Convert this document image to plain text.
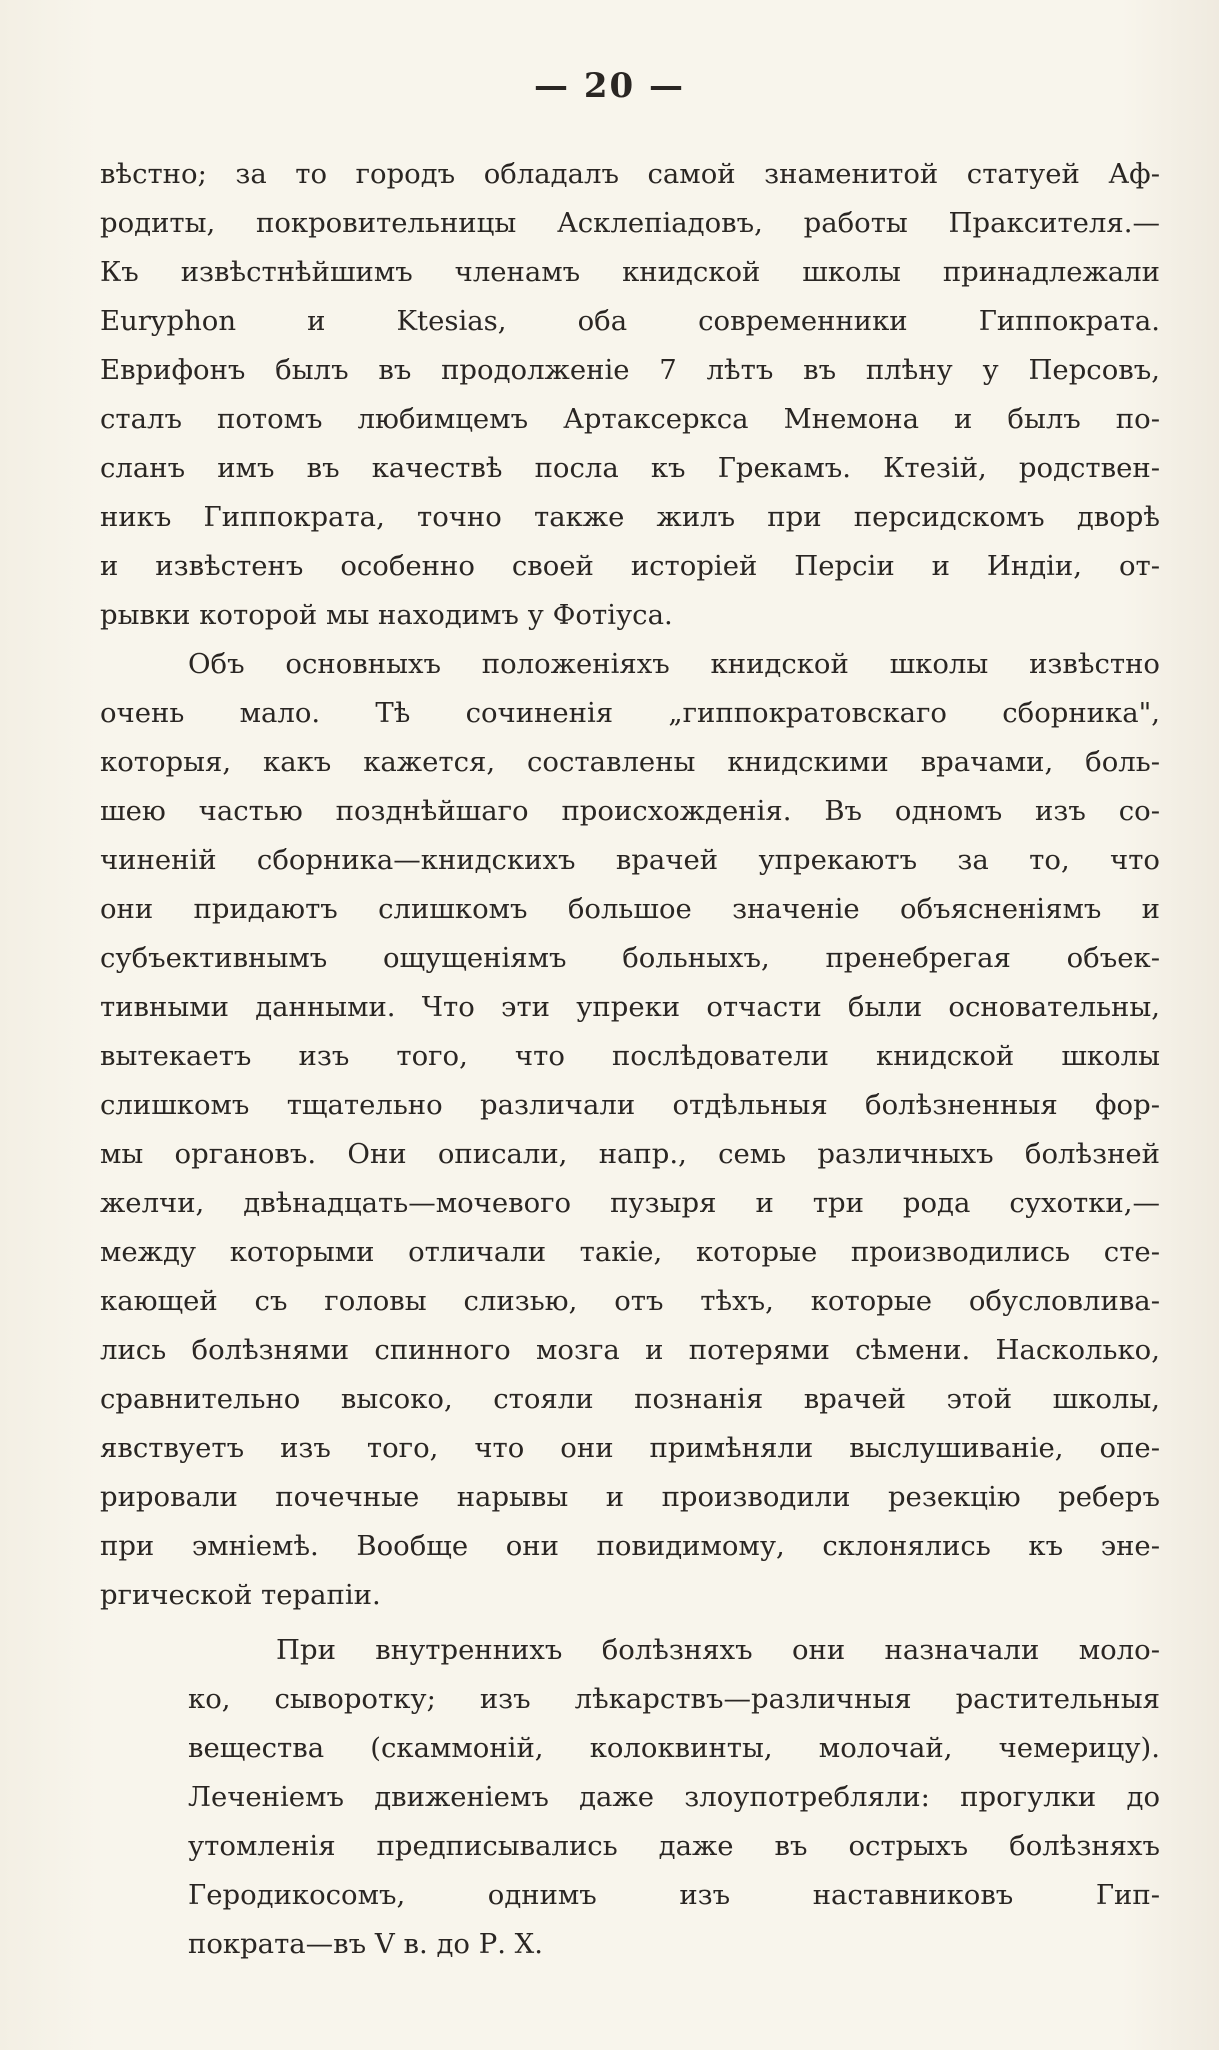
— 20 —
вѣстно; за то городъ обладалъ самой знаменитой статуей Аф-
родиты, покровительницы Асклепіадовъ, работы Праксителя.—
Къ извѣстнѣйшимъ членамъ книдской школы принадлежали
Euryphon и Ktesias, оба современники Гиппократа.
Еврифонъ былъ въ продолженіе 7 лѣтъ въ плѣну у Персовъ,
сталъ потомъ любимцемъ Артаксеркса Мнемона и былъ по-
сланъ имъ въ качествѣ посла къ Грекамъ. Ктезій, родствен-
никъ Гиппократа, точно также жилъ при персидскомъ дворѣ
и извѣстенъ особенно своей исторіей Персіи и Индіи, от-
рывки которой мы находимъ у Фотіуса.
Объ основныхъ положеніяхъ книдской школы извѣстно
очень мало. Тѣ сочиненія „гиппократовскаго сборника",
которыя, какъ кажется, составлены книдскими врачами, боль-
шею частью позднѣйшаго происхожденія. Въ одномъ изъ со-
чиненій сборника—книдскихъ врачей упрекаютъ за то, что
они придаютъ слишкомъ большое значеніе объясненіямъ и
субъективнымъ ощущеніямъ больныхъ, пренебрегая объек-
тивными данными. Что эти упреки отчасти были основательны,
вытекаетъ изъ того, что послѣдователи книдской школы
слишкомъ тщательно различали отдѣльныя болѣзненныя фор-
мы органовъ. Они описали, напр., семь различныхъ болѣзней
желчи, двѣнадцать—мочевого пузыря и три рода сухотки,—
между которыми отличали такіе, которые производились сте-
кающей съ головы слизью, отъ тѣхъ, которые обусловлива-
лись болѣзнями спинного мозга и потерями сѣмени. Насколько,
сравнительно высоко, стояли познанія врачей этой школы,
явствуетъ изъ того, что они примѣняли выслушиваніе, опе-
рировали почечные нарывы и производили резекцію реберъ
при эмніемѣ. Вообще они повидимому, склонялись къ эне-
ргической терапіи.
При внутреннихъ болѣзняхъ они назначали моло-
ко, сыворотку; изъ лѣкарствъ—различныя растительныя
вещества (скаммоній, колоквинты, молочай, чемерицу).
Леченіемъ движеніемъ даже злоупотребляли: прогулки до
утомленія предписывались даже въ острыхъ болѣзняхъ
Геродикосомъ, однимъ изъ наставниковъ Гип-
пократа—въ V в. до Р. Х.
